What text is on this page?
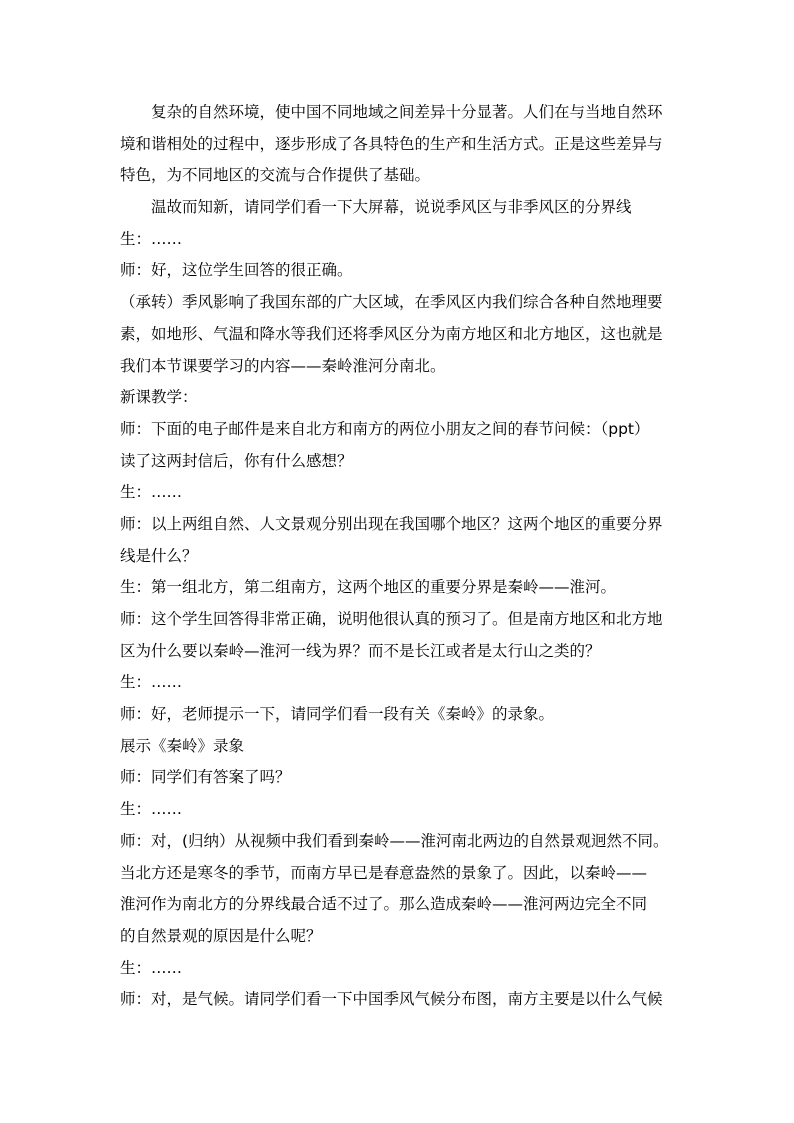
复杂的自然环境，使中国不同地域之间差异十分显著。人们在与当地自然环
境和谐相处的过程中，逐步形成了各具特色的生产和生活方式。正是这些差异与
特色，为不同地区的交流与合作提供了基础。
温故而知新，请同学们看一下大屏幕，说说季风区与非季风区的分界线
生：……
师：好，这位学生回答的很正确。
（承转）季风影响了我国东部的广大区域，在季风区内我们综合各种自然地理要
素，如地形、气温和降水等我们还将季风区分为南方地区和北方地区，这也就是
我们本节课要学习的内容——秦岭淮河分南北。
新课教学：
师：下面的电子邮件是来自北方和南方的两位小朋友之间的春节问候：（ppt）
读了这两封信后，你有什么感想？
生：……
师：以上两组自然、人文景观分别出现在我国哪个地区？这两个地区的重要分界
线是什么？
生：第一组北方，第二组南方，这两个地区的重要分界是秦岭——淮河。
师：这个学生回答得非常正确，说明他很认真的预习了。但是南方地区和北方地
区为什么要以秦岭—淮河一线为界？而不是长江或者是太行山之类的？
生：……
师：好，老师提示一下，请同学们看一段有关《秦岭》的录象。
展示《秦岭》录象
师：同学们有答案了吗？
生：……
师：对，(归纳）从视频中我们看到秦岭——淮河南北两边的自然景观迥然不同。
当北方还是寒冬的季节，而南方早已是春意盎然的景象了。因此，以秦岭——
淮河作为南北方的分界线最合适不过了。那么造成秦岭——淮河两边完全不同
的自然景观的原因是什么呢？
生：……
师：对，是气候。请同学们看一下中国季风气候分布图，南方主要是以什么气候
